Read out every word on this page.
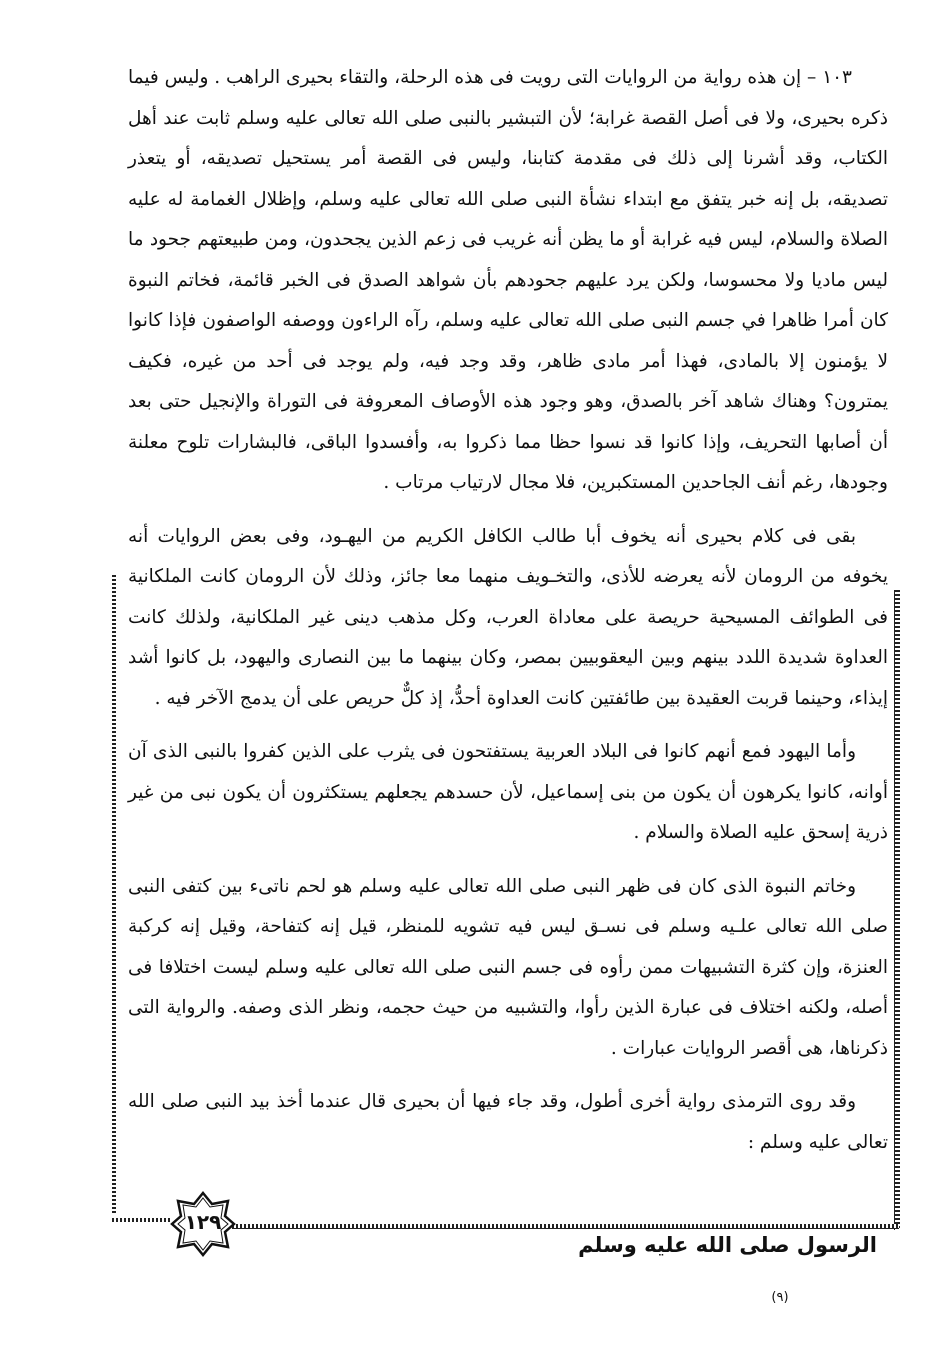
١٠٣ – إن هذه رواية من الروايات التى رويت فى هذه الرحلة، والتقاء بحيرى الراهب . وليس فيما ذكره بحيرى، ولا فى أصل القصة غرابة؛ لأن التبشير بالنبى صلى الله تعالى عليه وسلم ثابت عند أهل الكتاب، وقد أشرنا إلى ذلك فى مقدمة كتابنا، وليس فى القصة أمر يستحيل تصديقه، أو يتعذر تصديقه، بل إنه خبر يتفق مع ابتداء نشأة النبى صلى الله تعالى عليه وسلم، وإظلال الغمامة له عليه الصلاة والسلام، ليس فيه غرابة أو ما يظن أنه غريب فى زعم الذين يجحدون، ومن طبيعتهم جحود ما ليس ماديا ولا محسوسا، ولكن يرد عليهم جحودهم بأن شواهد الصدق فى الخبر قائمة، فخاتم النبوة كان أمرا ظاهرا في جسم النبى صلى الله تعالى عليه وسلم، رآه الراءون ووصفه الواصفون فإذا كانوا لا يؤمنون إلا بالمادى، فهذا أمر مادى ظاهر، وقد وجد فيه، ولم يوجد فى أحد من غيره، فكيف يمترون؟ وهناك شاهد آخر بالصدق، وهو وجود هذه الأوصاف المعروفة فى التوراة والإنجيل حتى بعد أن أصابها التحريف، وإذا كانوا قد نسوا حظا مما ذكروا به، وأفسدوا الباقى، فالبشارات تلوح معلنة وجودها، رغم أنف الجاحدين المستكبرين، فلا مجال لارتياب مرتاب .

بقى فى كلام بحيرى أنه يخوف أبا طالب الكافل الكريم من اليهـود، وفى بعض الروايات أنه يخوفه من الرومان لأنه يعرضه للأذى، والتخـويف منهما معا جائز، وذلك لأن الرومان كانت الملكانية فى الطوائف المسيحية حريصة على معاداة العرب، وكل مذهب دينى غير الملكانية، ولذلك كانت العداوة شديدة اللدد بينهم وبين اليعقوبيين بمصر، وكان بينهما ما بين النصارى واليهود، بل كانوا أشد إيذاء، وحينما قربت العقيدة بين طائفتين كانت العداوة أحدُّ، إذ كلٌّ حريص على أن يدمج الآخر فيه .

وأما اليهود فمع أنهم كانوا فى البلاد العربية يستفتحون فى يثرب على الذين كفروا بالنبى الذى آن أوانه، كانوا يكرهون أن يكون من بنى إسماعيل، لأن حسدهم يجعلهم يستكثرون أن يكون نبى من غير ذرية إسحق عليه الصلاة والسلام .

وخاتم النبوة الذى كان فى ظهر النبى صلى الله تعالى عليه وسلم هو لحم ناتىء بين كتفى النبى صلى الله تعالى علـيه وسلم فى نسـق ليس فيه تشويه للمنظر، قيل إنه كتفاحة، وقيل إنه كركبة العنزة، وإن كثرة التشبيهات ممن رأوه فى جسم النبى صلى الله تعالى عليه وسلم ليست اختلافا فى أصله، ولكنه اختلاف فى عبارة الذين رأوا، والتشبيه من حيث حجمه، ونظر الذى وصفه. والرواية التى ذكرناها، هى أقصر الروايات عبارات .

وقد روى الترمذى رواية أخرى أطول، وقد جاء فيها أن بحيرى قال عندما أخذ بيد النبى صلى الله تعالى عليه وسلم :

١٢٩
الرسول صلى الله عليه وسلم
(٩)
